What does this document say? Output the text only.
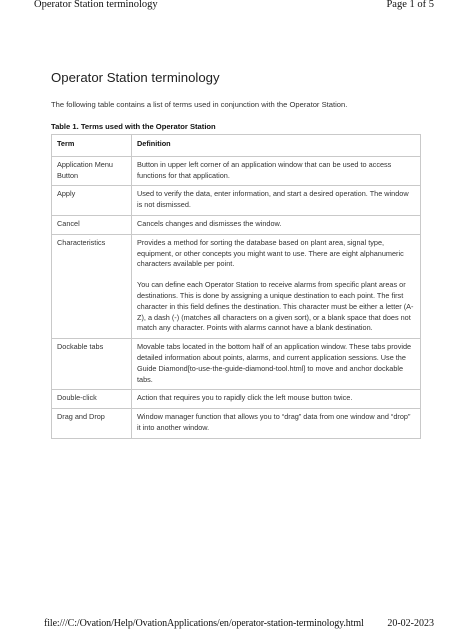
Operator Station terminology	Page 1 of 5
Operator Station terminology

The following table contains a list of terms used in conjunction with the Operator Station.

Table 1. Terms used with the Operator Station

Term	Definition
Application Menu Button	Button in upper left corner of an application window that can be used to access functions for that application.

Apply	Used to verify the data, enter information, and start a desired operation. The window is not dismissed.

Cancel	Cancels changes and dismisses the window.

Characteristics	Provides a method for sorting the database based on plant area, signal type, equipment, or other concepts you might want to use. There are eight alphanumeric characters available per point.

You can define each Operator Station to receive alarms from specific plant areas or destinations. This is done by assigning a unique destination to each point. The first character in this field defines the destination. This character must be either a letter (A-Z), a dash (-) (matches all characters on a given sort), or a blank space that does not match any character. Points with alarms cannot have a blank destination.

Dockable tabs	Movable tabs located in the bottom half of an application window. These tabs provide detailed information about points, alarms, and current application sessions. Use the Guide Diamond[to-use-the-guide-diamond-tool.html] to move and anchor dockable tabs.

Double-click	Action that requires you to rapidly click the left mouse button twice.

Drag and Drop	Window manager function that allows you to “drag” data from one window and “drop” it into another window.

file:///C:/Ovation/Help/OvationApplications/en/operator-station-terminology.html 20-02-2023
